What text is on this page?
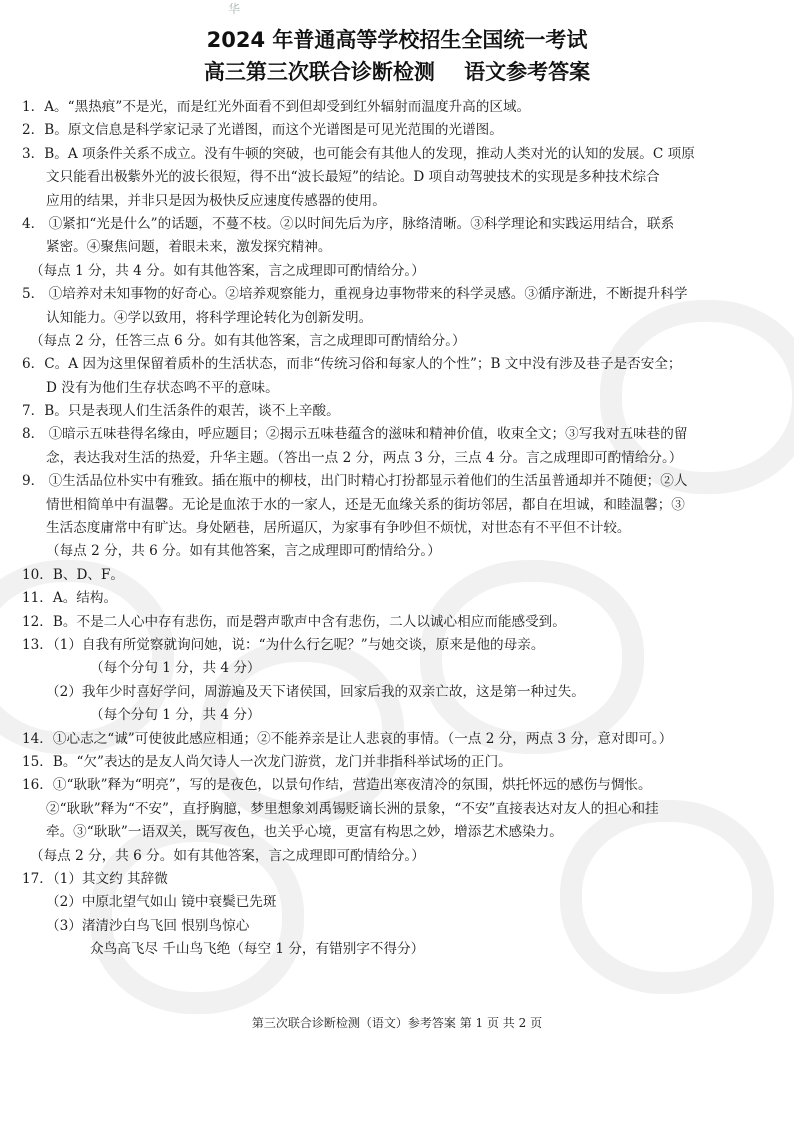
华
2024 年普通高等学校招生全国统一考试
高三第三次联合诊断检测    语文参考答案
1．A。“黑热痕”不是光，而是红光外面看不到但却受到红外辐射而温度升高的区域。
2．B。原文信息是科学家记录了光谱图，而这个光谱图是可见光范围的光谱图。
3．B。A 项条件关系不成立。没有牛顿的突破，也可能会有其他人的发现，推动人类对光的认知的发展。C 项原
文只能看出极紫外光的波长很短，得不出“波长最短”的结论。D 项自动驾驶技术的实现是多种技术综合
应用的结果，并非只是因为极快反应速度传感器的使用。
4． ①紧扣“光是什么”的话题，不蔓不枝。②以时间先后为序，脉络清晰。③科学理论和实践运用结合，联系
紧密。④聚焦问题，着眼未来，激发探究精神。
（每点 1 分，共 4 分。如有其他答案，言之成理即可酌情给分。）
5． ①培养对未知事物的好奇心。②培养观察能力，重视身边事物带来的科学灵感。③循序渐进，不断提升科学
认知能力。④学以致用，将科学理论转化为创新发明。
（每点 2 分，任答三点 6 分。如有其他答案，言之成理即可酌情给分。）
6．C。A 因为这里保留着质朴的生活状态，而非“传统习俗和每家人的个性”；B 文中没有涉及巷子是否安全；
D 没有为他们生存状态鸣不平的意味。
7．B。只是表现人们生活条件的艰苦，谈不上辛酸。
8． ①暗示五味巷得名缘由，呼应题目；②揭示五味巷蕴含的滋味和精神价值，收束全文；③写我对五味巷的留
念，表达我对生活的热爱，升华主题。（答出一点 2 分，两点 3 分，三点 4 分。言之成理即可酌情给分。）
9． ①生活品位朴实中有雅致。插在瓶中的柳枝，出门时精心打扮都显示着他们的生活虽普通却并不随便；②人
情世相简单中有温馨。无论是血浓于水的一家人，还是无血缘关系的街坊邻居，都自在坦诚，和睦温馨；③
生活态度庸常中有旷达。身处陋巷，居所逼仄，为家事有争吵但不烦忧，对世态有不平但不计较。
（每点 2 分，共 6 分。如有其他答案，言之成理即可酌情给分。）
10．B、D、F。
11．A。结构。
12．B。不是二人心中存有悲伤，而是磬声歌声中含有悲伤，二人以诚心相应而能感受到。
13．（1）自我有所觉察就询问她，说：“为什么行乞呢？”与她交谈，原来是他的母亲。
（每个分句 1 分，共 4 分）
（2）我年少时喜好学问，周游遍及天下诸侯国，回家后我的双亲亡故，这是第一种过失。
（每个分句 1 分，共 4 分）
14．①心志之“诚”可使彼此感应相通；②不能养亲是让人悲哀的事情。（一点 2 分，两点 3 分，意对即可。）
15．B。“欠”表达的是友人尚欠诗人一次龙门游赏，龙门并非指科举试场的正门。
16．①“耿耿”释为“明亮”，写的是夜色，以景句作结，营造出寒夜清冷的氛围，烘托怀远的感伤与惆怅。
②“耿耿”释为“不安”，直抒胸臆，梦里想象刘禹锡贬谪长洲的景象，“不安”直接表达对友人的担心和挂
牵。③“耿耿”一语双关，既写夜色，也关乎心境，更富有构思之妙，增添艺术感染力。
（每点 2 分，共 6 分。如有其他答案，言之成理即可酌情给分。）
17．（1）其文约 其辞微
（2）中原北望气如山 镜中衰鬓已先斑
（3）渚清沙白鸟飞回 恨别鸟惊心
众鸟高飞尽 千山鸟飞绝（每空 1 分，有错别字不得分）
第三次联合诊断检测（语文）参考答案 第 1 页 共 2 页
